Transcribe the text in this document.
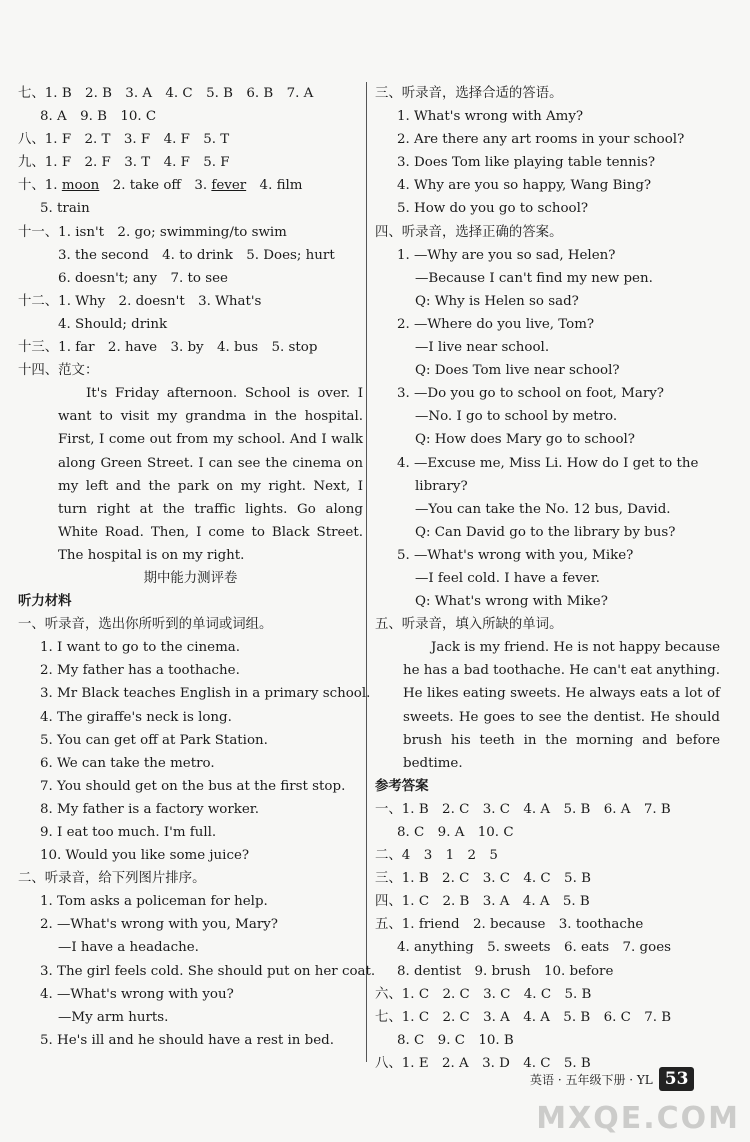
七、1. B　2. B　3. A　4. C　5. B　6. B　7. A
8. A　9. B　10. C
八、1. F　2. T　3. F　4. F　5. T
九、1. F　2. F　3. T　4. F　5. F
十、1. moon　2. take off　3. fever　4. film
5. train
十一、1. isn't　2. go; swimming/to swim
3. the second　4. to drink　5. Does; hurt
6. doesn't; any　7. to see
十二、1. Why　2. doesn't　3. What's
4. Should; drink
十三、1. far　2. have　3. by　4. bus　5. stop
十四、范文：

It's Friday afternoon. School is over. I want to visit my grandma in the hospital. First, I come out from my school. And I walk along Green Street. I can see the cinema on my left and the park on my right. Next, I turn right at the traffic lights. Go along White Road. Then, I come to Black Street. The hospital is on my right.

期中能力测评卷
听力材料
一、听录音，选出你所听到的单词或词组。
1. I want to go to the cinema.
2. My father has a toothache.
3. Mr Black teaches English in a primary school.
4. The giraffe's neck is long.
5. You can get off at Park Station.
6. We can take the metro.
7. You should get on the bus at the first stop.
8. My father is a factory worker.
9. I eat too much. I'm full.
10. Would you like some juice?
二、听录音，给下列图片排序。
1. Tom asks a policeman for help.
2. —What's wrong with you, Mary?
—I have a headache.
3. The girl feels cold. She should put on her coat.
4. —What's wrong with you?
—My arm hurts.
5. He's ill and he should have a rest in bed.
三、听录音，选择合适的答语。
1. What's wrong with Amy?
2. Are there any art rooms in your school?
3. Does Tom like playing table tennis?
4. Why are you so happy, Wang Bing?
5. How do you go to school?
四、听录音，选择正确的答案。
1. —Why are you so sad, Helen?
—Because I can't find my new pen.
Q: Why is Helen so sad?
2. —Where do you live, Tom?
—I live near school.
Q: Does Tom live near school?
3. —Do you go to school on foot, Mary?
—No. I go to school by metro.
Q: How does Mary go to school?
4. —Excuse me, Miss Li. How do I get to the
library?
—You can take the No. 12 bus, David.
Q: Can David go to the library by bus?
5. —What's wrong with you, Mike?
—I feel cold. I have a fever.
Q: What's wrong with Mike?
五、听录音，填入所缺的单词。

Jack is my friend. He is not happy because he has a bad toothache. He can't eat anything. He likes eating sweets. He always eats a lot of sweets. He goes to see the dentist. He should brush his teeth in the morning and before bedtime.

参考答案
一、1. B　2. C　3. C　4. A　5. B　6. A　7. B
8. C　9. A　10. C
二、4　3　1　2　5
三、1. B　2. C　3. C　4. C　5. B
四、1. C　2. B　3. A　4. A　5. B
五、1. friend　2. because　3. toothache
4. anything　5. sweets　6. eats　7. goes
8. dentist　9. brush　10. before
六、1. C　2. C　3. C　4. C　5. B
七、1. C　2. C　3. A　4. A　5. B　6. C　7. B
8. C　9. C　10. B
八、1. E　2. A　3. D　4. C　5. B
英语 · 五年级下册 · YL 53
MXQE.COM
